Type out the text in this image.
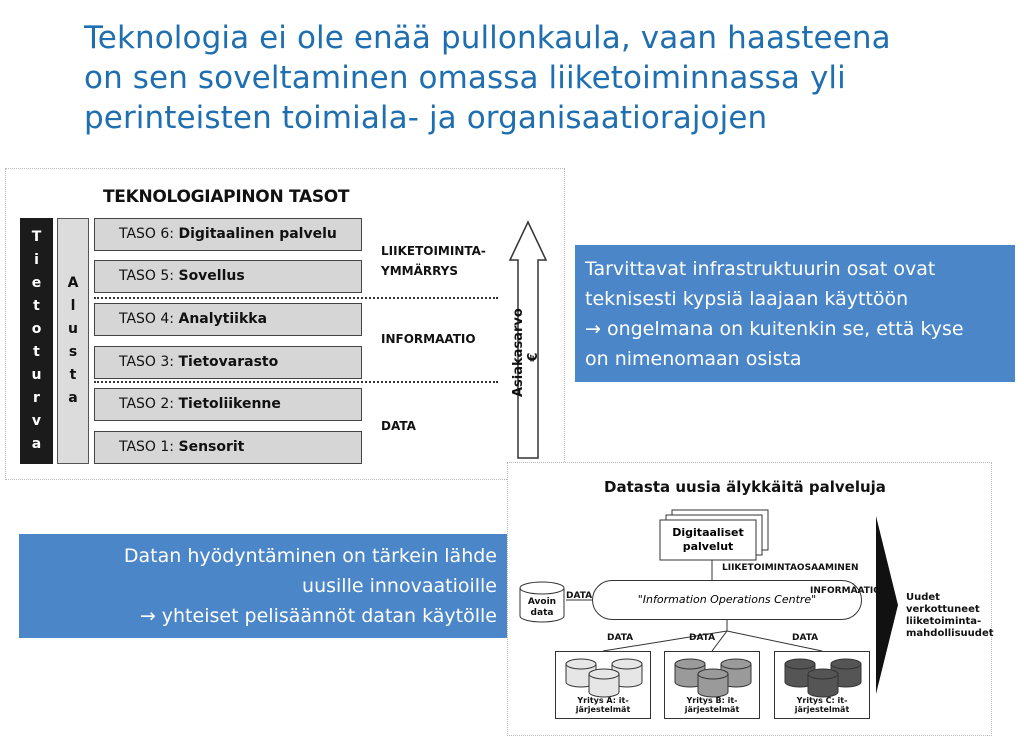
Teknologia ei ole enää pullonkaula, vaan haasteena
on sen soveltaminen omassa liiketoiminnassa yli
perinteisten toimiala- ja organisaatiorajojen
TEKNOLOGIAPINON TASOT
T
i
e
t
o
t
u
r
v
a
A
l
u
s
t
a
TASO 6: Digitaalinen palvelu
TASO 5: Sovellus
TASO 4: Analytiikka
TASO 3: Tietovarasto
TASO 2: Tietoliikenne
TASO 1: Sensorit
LIIKETOIMINTA-
YMMÄRRYS
INFORMAATIO
DATA
Tarvittavat infrastruktuurin osat ovat
teknisesti kypsiä laajaan käyttöön
→ ongelmana on kuitenkin se, että kyse
on nimenomaan osista
Datasta uusia älykkäitä palveluja
Datan hyödyntäminen on tärkein lähde
uusille innovaatioille
→ yhteiset pelisäännöt datan käytölle
Digitaaliset
palvelut
LIIKETOIMINTAOSAAMINEN
"Information Operations Centre"
INFORMAATIO
DATA
Avoin
data
DATA	DATA	DATA
Uudet
verkottuneet
liiketoiminta-
mahdollisuudet
Yritys A: it-järjestelmät
Yritys B: it-järjestelmät
Yritys C: it-järjestelmät
Asiakasarvo €
